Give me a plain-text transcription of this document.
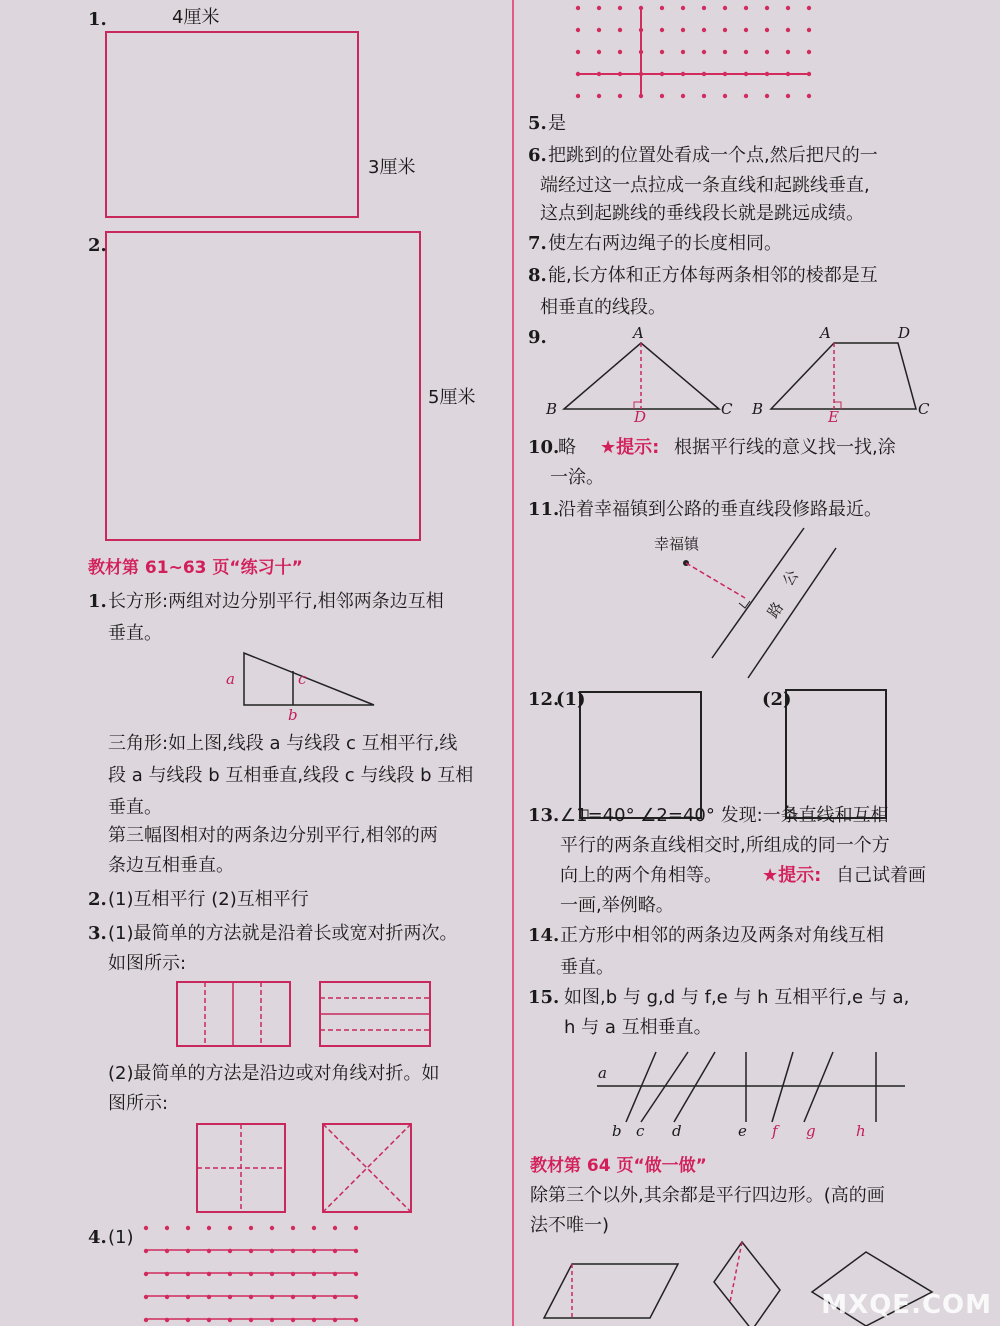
1.	4厘米
3厘米
2.
5厘米
教材第 61~63 页“练习十”
1. 长方形:两组对边分别平行,相邻两条边互相
垂直。
a	c
b
三角形:如上图,线段 a 与线段 c 互相平行,线
段 a 与线段 b 互相垂直,线段 c 与线段 b 互相
垂直。
第三幅图相对的两条边分别平行,相邻的两
条边互相垂直。
2. (1)互相平行 (2)互相平行
3. (1)最简单的方法就是沿着长或宽对折两次。
如图所示:
(2)最简单的方法是沿边或对角线对折。如
图所示:
4. (1)
5. 是
6. 把跳到的位置处看成一个点,然后把尺的一
端经过这一点拉成一条直线和起跳线垂直,
这点到起跳线的垂线段长就是跳远成绩。
7. 使左右两边绳子的长度相同。
8. 能,长方体和正方体每两条相邻的棱都是互
相垂直的线段。
9.	A
B	C
D
A	D
B	C
E
10.
略 ★提示: 根据平行线的意义找一找,涂
一涂。
11.
沿着幸福镇到公路的垂直线段修路最近。
幸福镇
公
路
12.
(1)	(2)
13. ∠1=40° ∠2=40° 发现:一条直线和互相
平行的两条直线相交时,所组成的同一个方
向上的两个角相等。 ★提示: 自己试着画
一画,举例略。
14. 正方形中相邻的两条边及两条对角线互相
垂直。
15. 如图,b 与 g,d 与 f,e 与 h 互相平行,e 与 a,
h 与 a 互相垂直。
a
b c d	e f g	h
教材第 64 页“做一做”
除第三个以外,其余都是平行四边形。(高的画
法不唯一)
MXQE.COM
